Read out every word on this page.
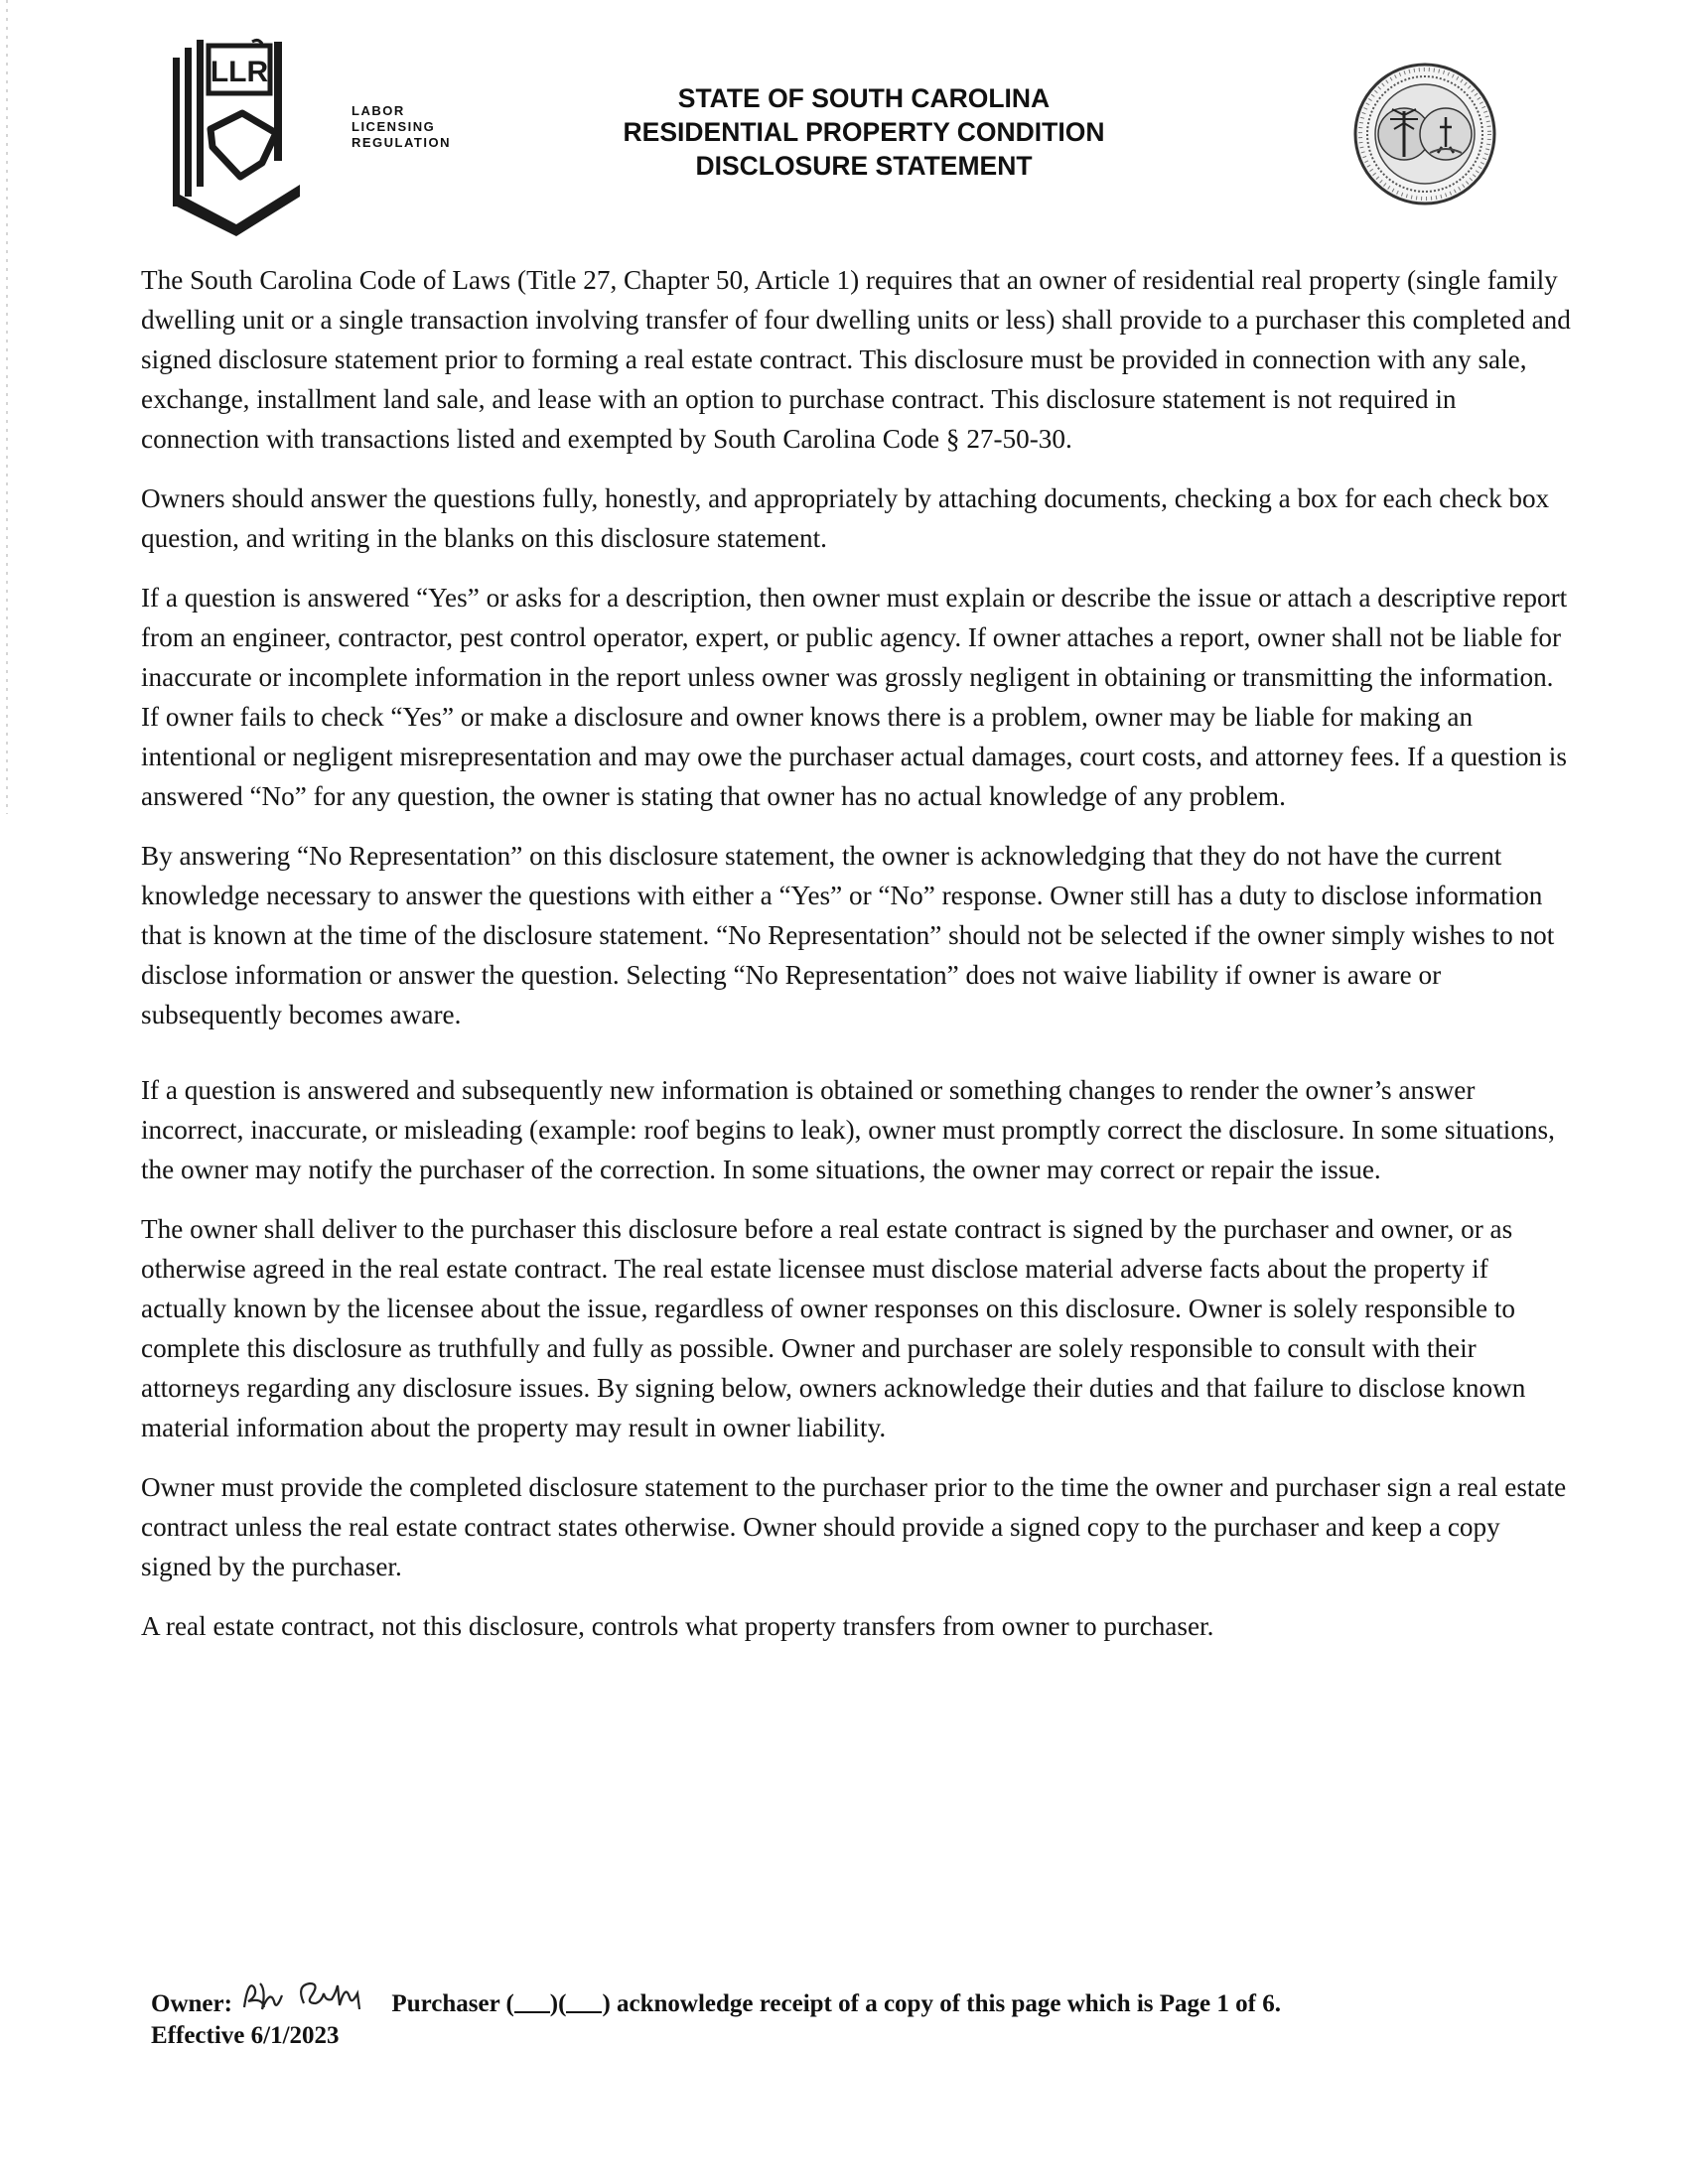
LLR
LABOR
LICENSING
REGULATION
STATE OF SOUTH CAROLINA
RESIDENTIAL PROPERTY CONDITION
DISCLOSURE STATEMENT

The South Carolina Code of Laws (Title 27, Chapter 50, Article 1) requires that an owner of residential real property (single family dwelling unit or a single transaction involving transfer of four dwelling units or less) shall provide to a purchaser this completed and signed disclosure statement prior to forming a real estate contract. This disclosure must be provided in connection with any sale, exchange, installment land sale, and lease with an option to purchase contract. This disclosure statement is not required in connection with transactions listed and exempted by South Carolina Code § 27-50-30.

Owners should answer the questions fully, honestly, and appropriately by attaching documents, checking a box for each check box question, and writing in the blanks on this disclosure statement.

If a question is answered “Yes” or asks for a description, then owner must explain or describe the issue or attach a descriptive report from an engineer, contractor, pest control operator, expert, or public agency. If owner attaches a report, owner shall not be liable for inaccurate or incomplete information in the report unless owner was grossly negligent in obtaining or transmitting the information. If owner fails to check “Yes” or make a disclosure and owner knows there is a problem, owner may be liable for making an intentional or negligent misrepresentation and may owe the purchaser actual damages, court costs, and attorney fees. If a question is answered “No” for any question, the owner is stating that owner has no actual knowledge of any problem.

By answering “No Representation” on this disclosure statement, the owner is acknowledging that they do not have the current knowledge necessary to answer the questions with either a “Yes” or “No” response. Owner still has a duty to disclose information that is known at the time of the disclosure statement. “No Representation” should not be selected if the owner simply wishes to not disclose information or answer the question. Selecting “No Representation” does not waive liability if owner is aware or subsequently becomes aware.

If a question is answered and subsequently new information is obtained or something changes to render the owner’s answer incorrect, inaccurate, or misleading (example: roof begins to leak), owner must promptly correct the disclosure. In some situations, the owner may notify the purchaser of the correction. In some situations, the owner may correct or repair the issue.

The owner shall deliver to the purchaser this disclosure before a real estate contract is signed by the purchaser and owner, or as otherwise agreed in the real estate contract. The real estate licensee must disclose material adverse facts about the property if actually known by the licensee about the issue, regardless of owner responses on this disclosure. Owner is solely responsible to complete this disclosure as truthfully and fully as possible. Owner and purchaser are solely responsible to consult with their attorneys regarding any disclosure issues. By signing below, owners acknowledge their duties and that failure to disclose known material information about the property may result in owner liability.

Owner must provide the completed disclosure statement to the purchaser prior to the time the owner and purchaser sign a real estate contract unless the real estate contract states otherwise. Owner should provide a signed copy to the purchaser and keep a copy signed by the purchaser.

A real estate contract, not this disclosure, controls what property transfers from owner to purchaser.

Owner:	Purchaser ( )( ) acknowledge receipt of a copy of this page which is Page 1 of 6.
Effective 6/1/2023
